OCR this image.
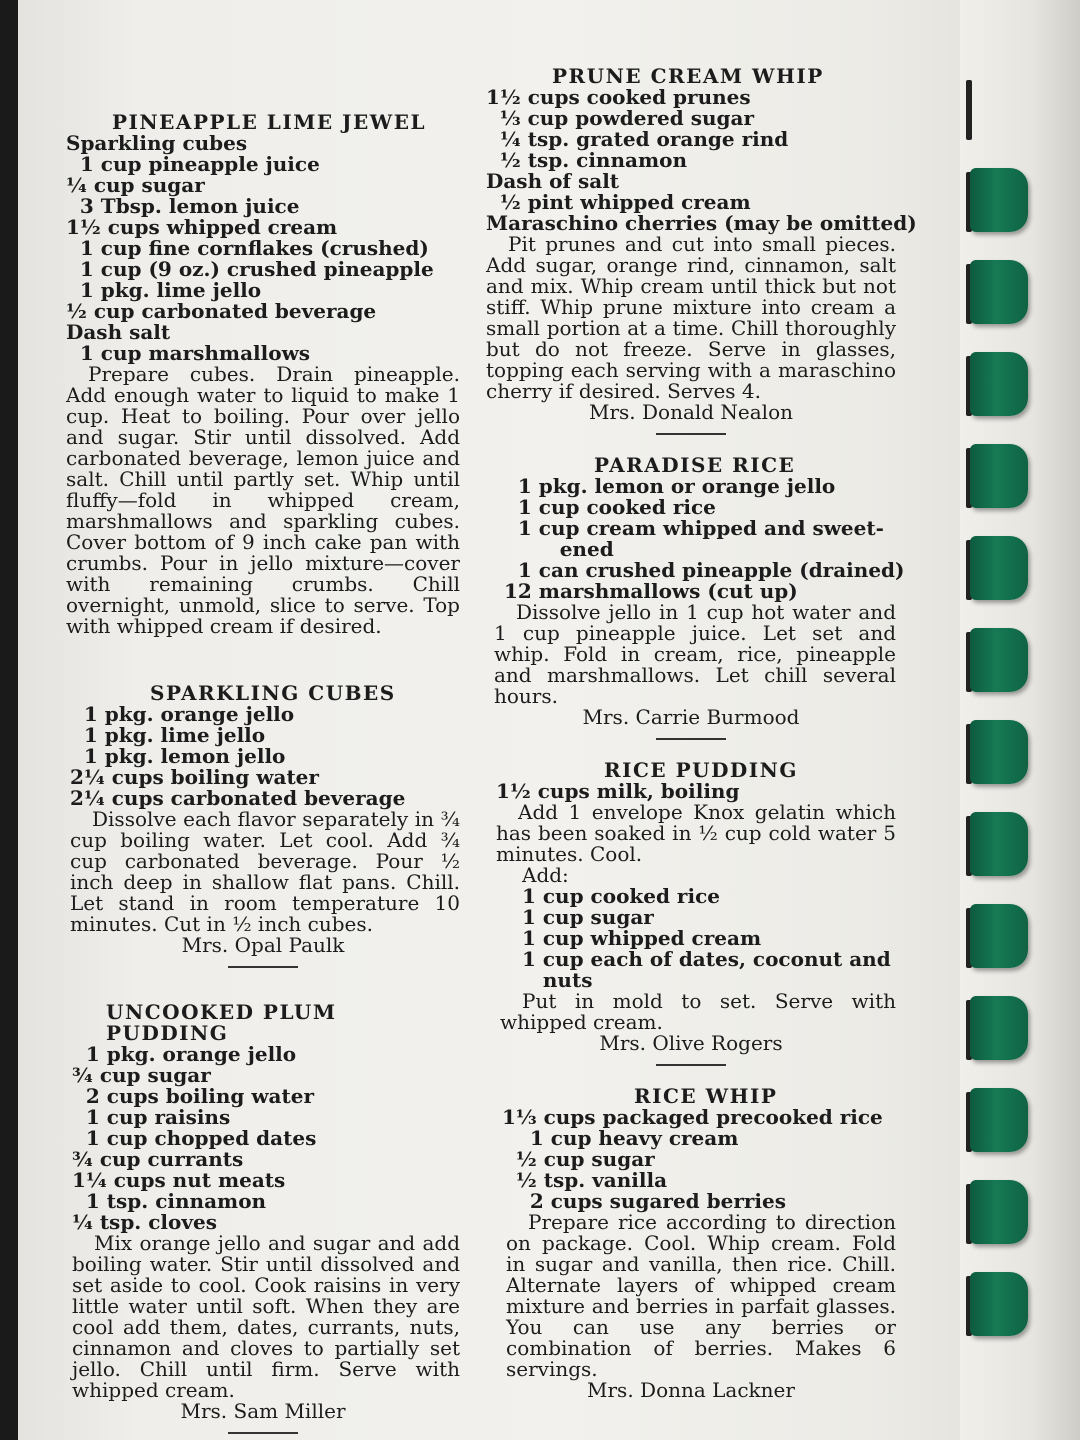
PINEAPPLE LIME JEWEL
Sparkling cubes
1 cup pineapple juice
¼ cup sugar
3 Tbsp. lemon juice
1½ cups whipped cream
1 cup fine cornflakes (crushed)
1 cup (9 oz.) crushed pineapple
1 pkg. lime jello
½ cup carbonated beverage
Dash salt
1 cup marshmallows
Prepare cubes. Drain pineapple. Add enough water to liquid to make 1 cup. Heat to boiling. Pour over jello and sugar. Stir until dissolved. Add carbonated beverage, lemon juice and salt. Chill until partly set. Whip until fluffy—fold in whipped cream, marshmallows and sparkling cubes. Cover bottom of 9 inch cake pan with crumbs. Pour in jello mixture—cover with remaining crumbs. Chill overnight, unmold, slice to serve. Top with whipped cream if desired.
SPARKLING CUBES
1 pkg. orange jello
1 pkg. lime jello
1 pkg. lemon jello
2¼ cups boiling water
2¼ cups carbonated beverage
Dissolve each flavor separately in ¾ cup boiling water. Let cool. Add ¾ cup carbonated beverage. Pour ½ inch deep in shallow flat pans. Chill. Let stand in room temperature 10 minutes. Cut in ½ inch cubes.
Mrs. Opal Paulk
UNCOOKED PLUM PUDDING
1 pkg. orange jello
¾ cup sugar
2 cups boiling water
1 cup raisins
1 cup chopped dates
¾ cup currants
1¼ cups nut meats
1 tsp. cinnamon
¼ tsp. cloves
Mix orange jello and sugar and add boiling water. Stir until dissolved and set aside to cool. Cook raisins in very little water until soft. When they are cool add them, dates, currants, nuts, cinnamon and cloves to partially set jello. Chill until firm. Serve with whipped cream.
Mrs. Sam Miller
PRUNE CREAM WHIP
1½ cups cooked prunes
⅓ cup powdered sugar
¼ tsp. grated orange rind
½ tsp. cinnamon
Dash of salt
½ pint whipped cream
Maraschino cherries (may be omitted)
Pit prunes and cut into small pieces. Add sugar, orange rind, cinnamon, salt and mix. Whip cream until thick but not stiff. Whip prune mixture into cream a small portion at a time. Chill thoroughly but do not freeze. Serve in glasses, topping each serving with a maraschino cherry if desired. Serves 4.
Mrs. Donald Nealon
PARADISE RICE
1 pkg. lemon or orange jello
1 cup cooked rice
1 cup cream whipped and sweet-
ened
1 can crushed pineapple (drained)
12 marshmallows (cut up)
Dissolve jello in 1 cup hot water and 1 cup pineapple juice. Let set and whip. Fold in cream, rice, pineapple and marshmallows. Let chill several hours.
Mrs. Carrie Burmood
RICE PUDDING
1½ cups milk, boiling
Add 1 envelope Knox gelatin which has been soaked in ½ cup cold water 5 minutes. Cool.
Add:
1 cup cooked rice
1 cup sugar
1 cup whipped cream
1 cup each of dates, coconut and
nuts
Put in mold to set. Serve with whipped cream.
Mrs. Olive Rogers
RICE WHIP
1⅓ cups packaged precooked rice
1 cup heavy cream
½ cup sugar
½ tsp. vanilla
2 cups sugared berries
Prepare rice according to direction on package. Cool. Whip cream. Fold in sugar and vanilla, then rice. Chill. Alternate layers of whipped cream mixture and berries in parfait glasses. You can use any berries or combination of berries. Makes 6 servings.
Mrs. Donna Lackner
